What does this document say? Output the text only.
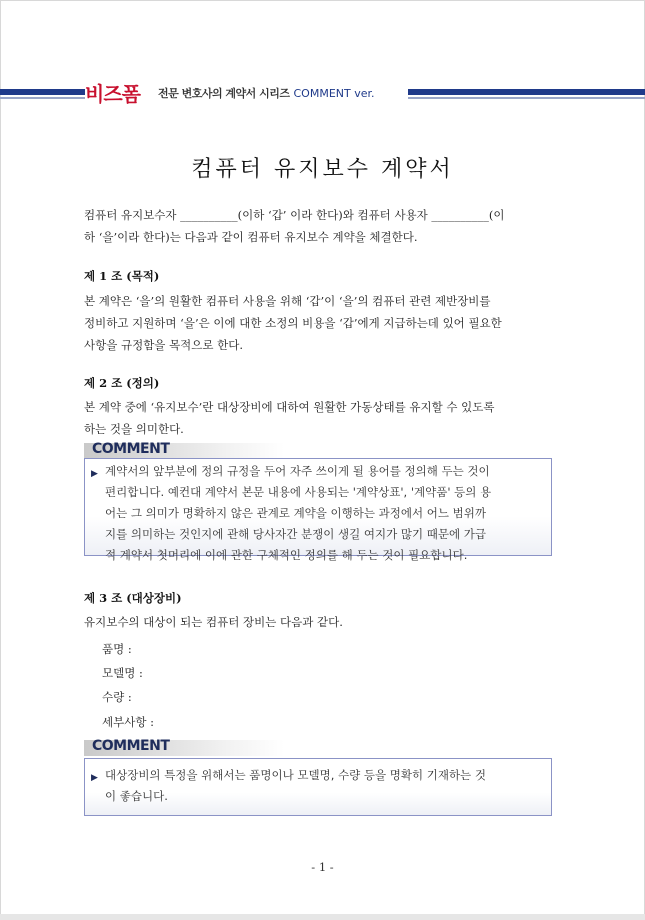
비즈폼 전문 변호사의 계약서 시리즈 COMMENT ver.
컴퓨터 유지보수 계약서
컴퓨터 유지보수자 __________(이하 ‘갑’ 이라 한다)와 컴퓨터 사용자 __________(이
하 ‘을’이라 한다)는 다음과 같이 컴퓨터 유지보수 계약을 체결한다.
제 1 조 (목적)
본 계약은 ‘을’의 원활한 컴퓨터 사용을 위해 ‘갑’이 ‘을’의 컴퓨터 관련 제반장비를
정비하고 지원하며 ‘을’은 이에 대한 소정의 비용을 ‘갑’에게 지급하는데 있어 필요한
사항을 규정함을 목적으로 한다.
제 2 조 (정의)
본 계약 중에 ‘유지보수’란 대상장비에 대하여 원활한 가동상태를 유지할 수 있도록
하는 것을 의미한다.
COMMENT
▶ 계약서의 앞부분에 정의 규정을 두어 자주 쓰이게 될 용어를 정의해 두는 것이
편리합니다. 예컨대 계약서 본문 내용에 사용되는 '계약상표', '계약품' 등의 용
어는 그 의미가 명확하지 않은 관계로 계약을 이행하는 과정에서 어느 범위까
지를 의미하는 것인지에 관해 당사자간 분쟁이 생길 여지가 많기 때문에 가급
적 계약서 첫머리에 이에 관한 구체적인 정의를 해 두는 것이 필요합니다.
제 3 조 (대상장비)
유지보수의 대상이 되는 컴퓨터 장비는 다음과 같다.
품명 :
모델명 :
수량 :
세부사항 :
COMMENT
▶ 대상장비의 특정을 위해서는 품명이나 모델명, 수량 등을 명확히 기재하는 것
이 좋습니다.
- 1 -
